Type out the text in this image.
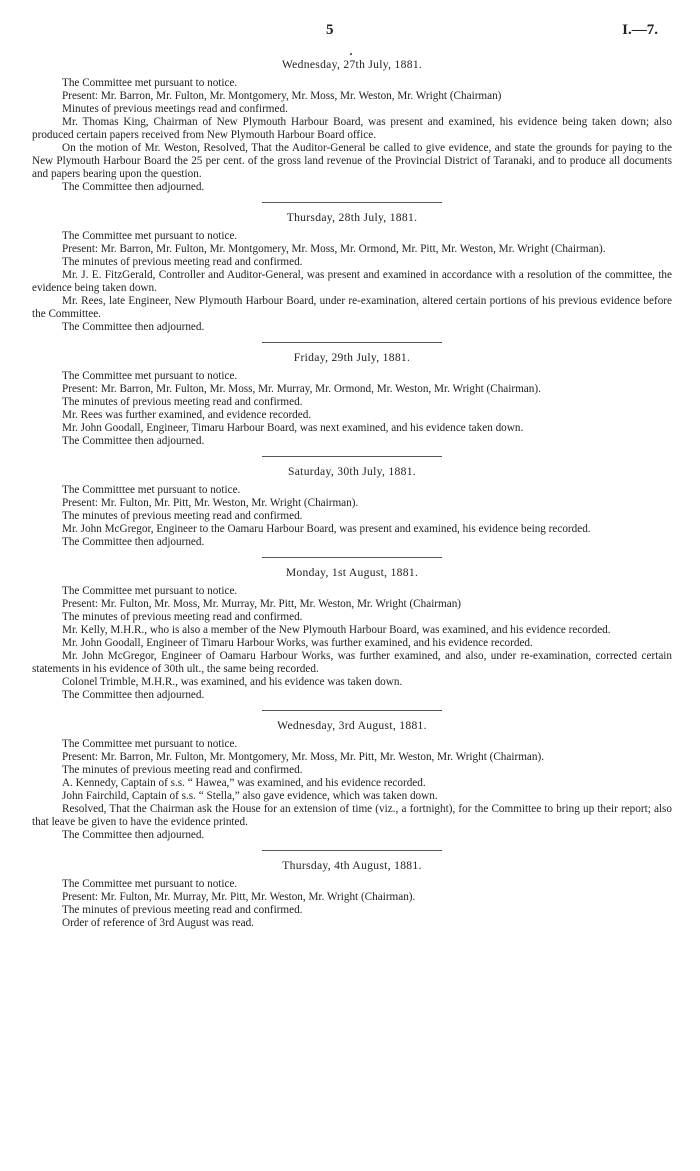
5	I.—7.
Wednesday, 27th July, 1881.

The Committee met pursuant to notice.

Present: Mr. Barron, Mr. Fulton, Mr. Montgomery, Mr. Moss, Mr. Weston, Mr. Wright (Chairman)

Minutes of previous meetings read and confirmed.

Mr. Thomas King, Chairman of New Plymouth Harbour Board, was present and examined, his evidence being taken down; also produced certain papers received from New Plymouth Harbour Board office.

On the motion of Mr. Weston, Resolved, That the Auditor-General be called to give evidence, and state the grounds for paying to the New Plymouth Harbour Board the 25 per cent. of the gross land revenue of the Provincial District of Taranaki, and to produce all documents and papers bearing upon the question.

The Committee then adjourned.

Thursday, 28th July, 1881.

The Committee met pursuant to notice.

Present: Mr. Barron, Mr. Fulton, Mr. Montgomery, Mr. Moss, Mr. Ormond, Mr. Pitt, Mr. Weston, Mr. Wright (Chairman).

The minutes of previous meeting read and confirmed.

Mr. J. E. FitzGerald, Controller and Auditor-General, was present and examined in accordance with a resolution of the committee, the evidence being taken down.

Mr. Rees, late Engineer, New Plymouth Harbour Board, under re-examination, altered certain portions of his previous evidence before the Committee.

The Committee then adjourned.

Friday, 29th July, 1881.

The Committee met pursuant to notice.

Present: Mr. Barron, Mr. Fulton, Mr. Moss, Mr. Murray, Mr. Ormond, Mr. Weston, Mr. Wright (Chairman).

The minutes of previous meeting read and confirmed.

Mr. Rees was further examined, and evidence recorded.

Mr. John Goodall, Engineer, Timaru Harbour Board, was next examined, and his evidence taken down.

The Committee then adjourned.

Saturday, 30th July, 1881.

The Committtee met pursuant to notice.

Present: Mr. Fulton, Mr. Pitt, Mr. Weston, Mr. Wright (Chairman).

The minutes of previous meeting read and confirmed.

Mr. John McGregor, Engineer to the Oamaru Harbour Board, was present and examined, his evidence being recorded.

The Committee then adjourned.

Monday, 1st August, 1881.

The Committee met pursuant to notice.

Present: Mr. Fulton, Mr. Moss, Mr. Murray, Mr. Pitt, Mr. Weston, Mr. Wright (Chairman)

The minutes of previous meeting read and confirmed.

Mr. Kelly, M.H.R., who is also a member of the New Plymouth Harbour Board, was examined, and his evidence recorded.

Mr. John Goodall, Engineer of Timaru Harbour Works, was further examined, and his evidence recorded.

Mr. John McGregor, Engineer of Oamaru Harbour Works, was further examined, and also, under re-examination, corrected certain statements in his evidence of 30th ult., the same being recorded.

Colonel Trimble, M.H.R., was examined, and his evidence was taken down.

The Committee then adjourned.

Wednesday, 3rd August, 1881.

The Committee met pursuant to notice.

Present: Mr. Barron, Mr. Fulton, Mr. Montgomery, Mr. Moss, Mr. Pitt, Mr. Weston, Mr. Wright (Chairman).

The minutes of previous meeting read and confirmed.

A. Kennedy, Captain of s.s. “ Hawea,” was examined, and his evidence recorded.

John Fairchild, Captain of s.s. “ Stella,” also gave evidence, which was taken down.

Resolved, That the Chairman ask the House for an extension of time (viz., a fortnight), for the Committee to bring up their report; also that leave be given to have the evidence printed.

The Committee then adjourned.

Thursday, 4th August, 1881.

The Committee met pursuant to notice.

Present: Mr. Fulton, Mr. Murray, Mr. Pitt, Mr. Weston, Mr. Wright (Chairman).

The minutes of previous meeting read and confirmed.

Order of reference of 3rd August was read.
